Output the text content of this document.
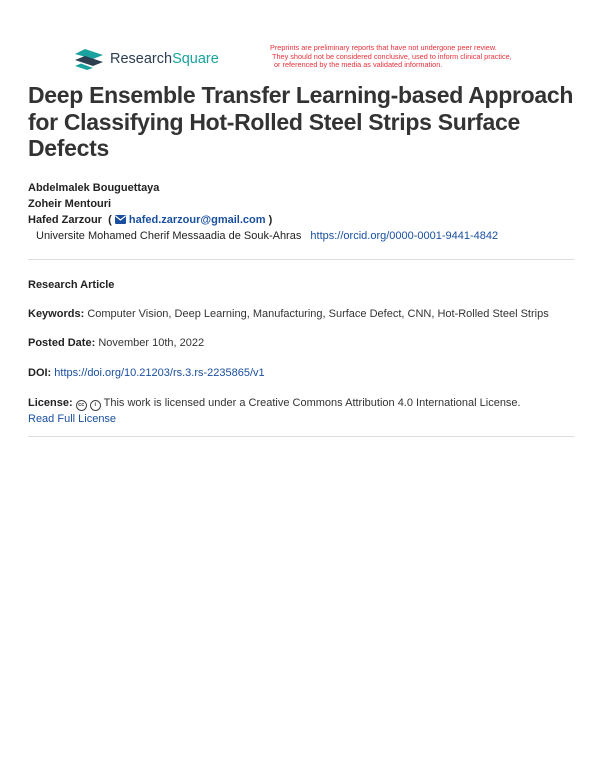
ResearchSquare
Preprints are preliminary reports that have not undergone peer review.
They should not be considered conclusive, used to inform clinical practice,
or referenced by the media as validated information.
Deep Ensemble Transfer Learning-based Approach
for Classifying Hot-Rolled Steel Strips Surface
Defects
Abdelmalek Bouguettaya
Zoheir Mentouri
Hafed Zarzour ( hafed.zarzour@gmail.com )
Universite Mohamed Cherif Messaadia de Souk-Ahras https://orcid.org/0000-0001-9441-4842
Research Article
Keywords: Computer Vision, Deep Learning, Manufacturing, Surface Defect, CNN, Hot-Rolled Steel Strips
Posted Date: November 10th, 2022
DOI: https://doi.org/10.21203/rs.3.rs-2235865/v1
License: cc i This work is licensed under a Creative Commons Attribution 4.0 International License.
Read Full License
